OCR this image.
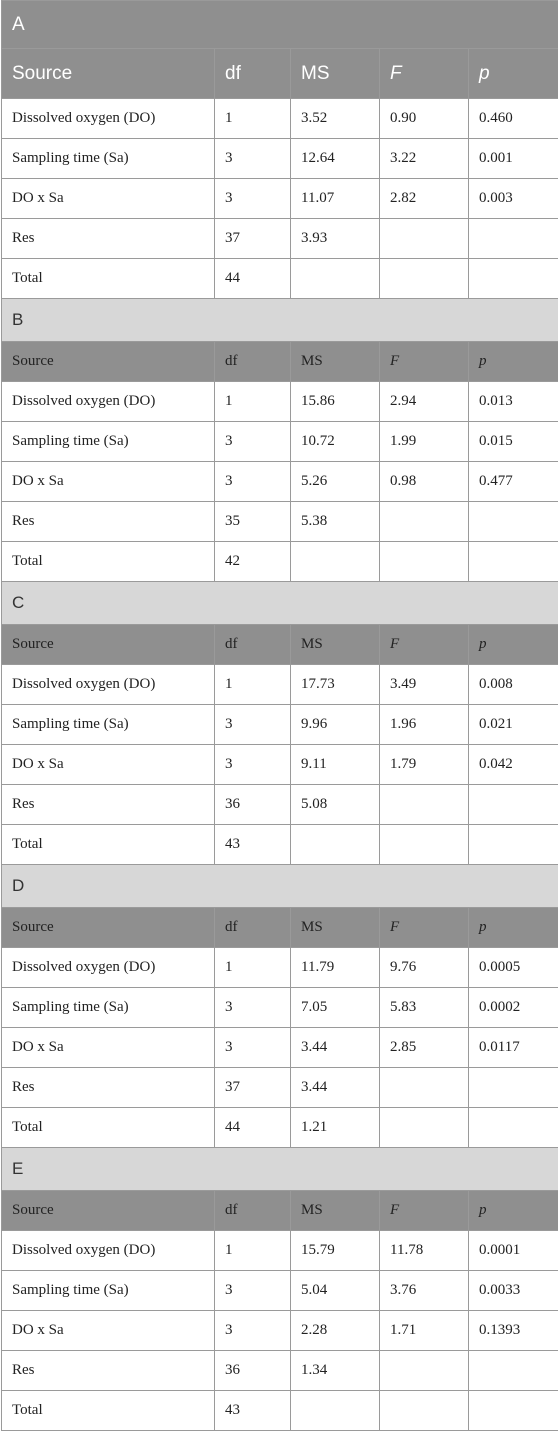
A				
Source	df	MS	F	p
Dissolved oxygen (DO)	1	3.52	0.90	0.460
Sampling time (Sa)	3	12.64	3.22	0.001
DO x Sa	3	11.07	2.82	0.003
Res	37	3.93		
Total	44			
B				
Source	df	MS	F	p
Dissolved oxygen (DO)	1	15.86	2.94	0.013
Sampling time (Sa)	3	10.72	1.99	0.015
DO x Sa	3	5.26	0.98	0.477
Res	35	5.38		
Total	42			
C				
Source	df	MS	F	p
Dissolved oxygen (DO)	1	17.73	3.49	0.008
Sampling time (Sa)	3	9.96	1.96	0.021
DO x Sa	3	9.11	1.79	0.042
Res	36	5.08		
Total	43			
D				
Source	df	MS	F	p
Dissolved oxygen (DO)	1	11.79	9.76	0.0005
Sampling time (Sa)	3	7.05	5.83	0.0002
DO x Sa	3	3.44	2.85	0.0117
Res	37	3.44		
Total	44	1.21		
E				
Source	df	MS	F	p
Dissolved oxygen (DO)	1	15.79	11.78	0.0001
Sampling time (Sa)	3	5.04	3.76	0.0033
DO x Sa	3	2.28	1.71	0.1393
Res	36	1.34		
Total	43			
